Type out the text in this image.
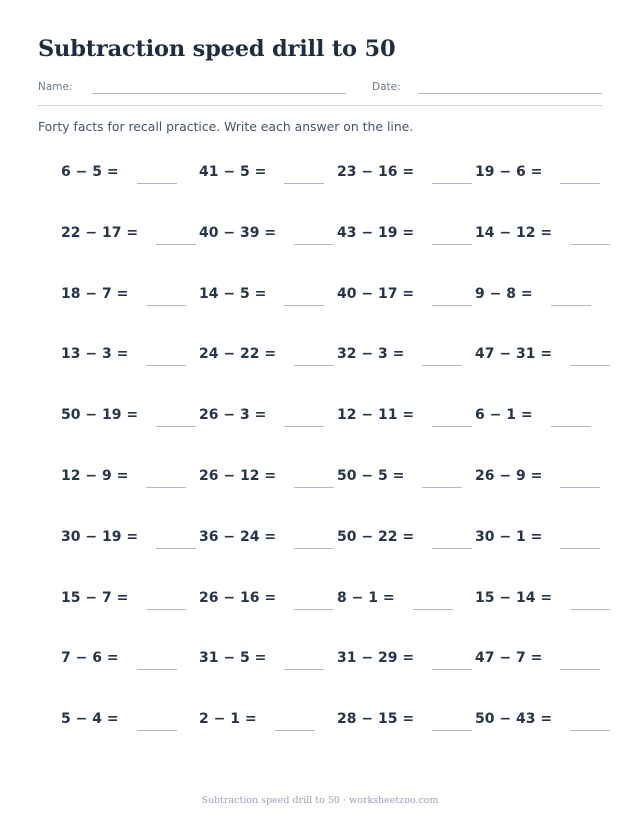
Subtraction speed drill to 50
Name:	Date:

Forty facts for recall practice. Write each answer on the line.

6 − 5 =	41 − 5 =	23 − 16 =	19 − 6 =
22 − 17 =	40 − 39 =	43 − 19 =	14 − 12 =
18 − 7 =	14 − 5 =	40 − 17 =	9 − 8 =
13 − 3 =	24 − 22 =	32 − 3 =	47 − 31 =
50 − 19 =	26 − 3 =	12 − 11 =	6 − 1 =
12 − 9 =	26 − 12 =	50 − 5 =	26 − 9 =
30 − 19 =	36 − 24 =	50 − 22 =	30 − 1 =
15 − 7 =	26 − 16 =	8 − 1 =	15 − 14 =
7 − 6 =	31 − 5 =	31 − 29 =	47 − 7 =
5 − 4 =	2 − 1 =	28 − 15 =	50 − 43 =
Subtraction speed drill to 50 · worksheetzoo.com
